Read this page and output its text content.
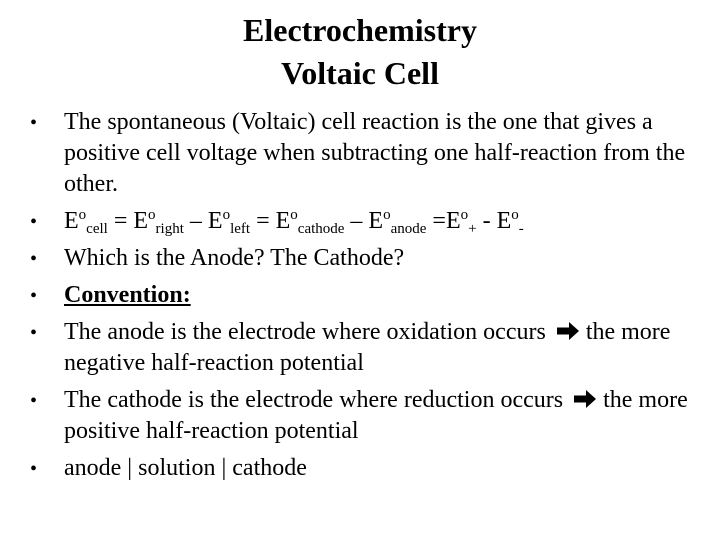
Electrochemistry
Voltaic Cell
•
The spontaneous (Voltaic) cell reaction is the one that gives a positive cell voltage when subtracting one half-reaction from the other.
•
$E^o_{cell} = E^o_{right} - E^o_{left} = E^o_{cathode} - E^o_{anode} =E^o_+ - E^o_-$
•
Which is the Anode? The Cathode?
•
Convention:
•
The anode is the electrode where oxidation occurs the more negative half-reaction potential
•
The cathode is the electrode where reduction occurs the more positive half-reaction potential
•
anode | solution | cathode
